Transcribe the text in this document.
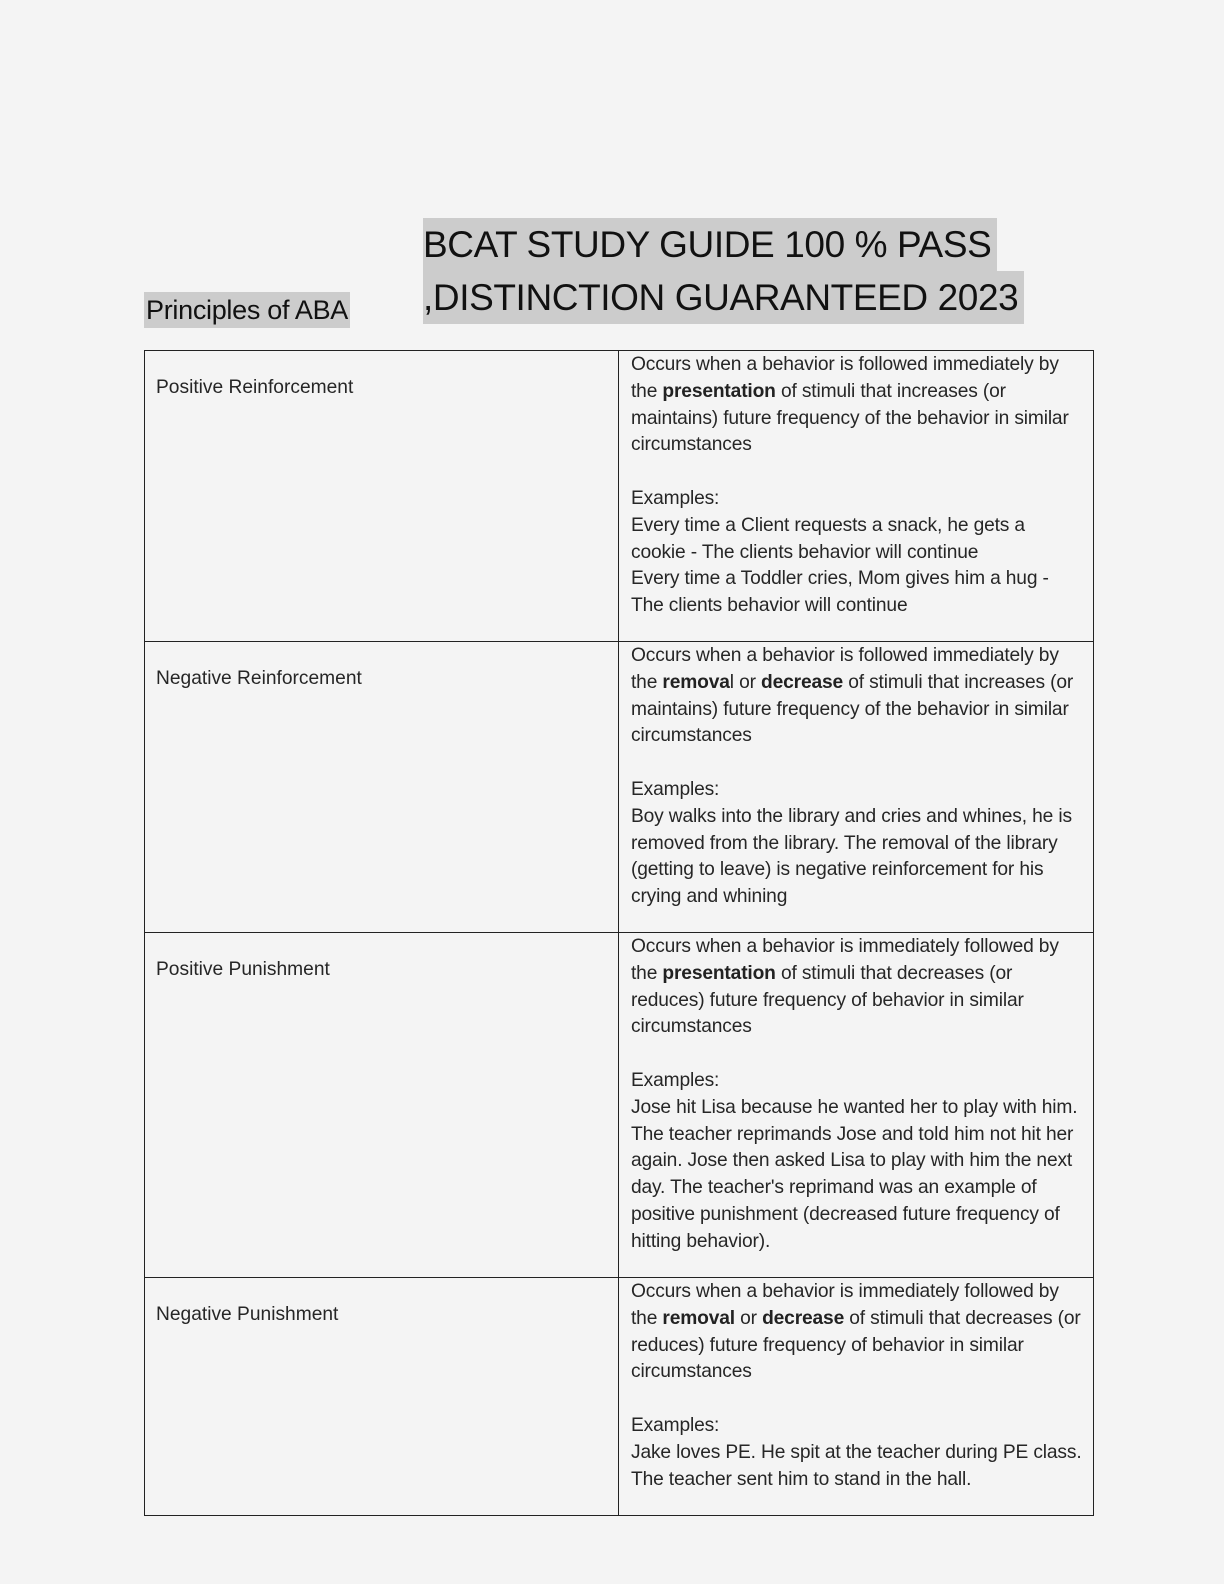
Principles of ABA
BCAT STUDY GUIDE 100 % PASS
,DISTINCTION GUARANTEED 2023
Positive Reinforcement	Occurs when a behavior is followed immediately by the presentation of stimuli that increases (or maintains) future frequency of the behavior in similar circumstances
Examples:
Every time a Client requests a snack, he gets a cookie - The clients behavior will continue
Every time a Toddler cries, Mom gives him a hug - The clients behavior will continue

Negative Reinforcement	Occurs when a behavior is followed immediately by the removal or decrease of stimuli that increases (or maintains) future frequency of the behavior in similar circumstances
Examples:
Boy walks into the library and cries and whines, he is removed from the library. The removal of the library (getting to leave) is negative reinforcement for his crying and whining

Positive Punishment	Occurs when a behavior is immediately followed by the presentation of stimuli that decreases (or reduces) future frequency of behavior in similar circumstances
Examples:
Jose hit Lisa because he wanted her to play with him. The teacher reprimands Jose and told him not hit her again. Jose then asked Lisa to play with him the next day. The teacher's reprimand was an example of positive punishment (decreased future frequency of hitting behavior).

Negative Punishment	Occurs when a behavior is immediately followed by the removal or decrease of stimuli that decreases (or reduces) future frequency of behavior in similar circumstances
Examples:
Jake loves PE. He spit at the teacher during PE class. The teacher sent him to stand in the hall.
